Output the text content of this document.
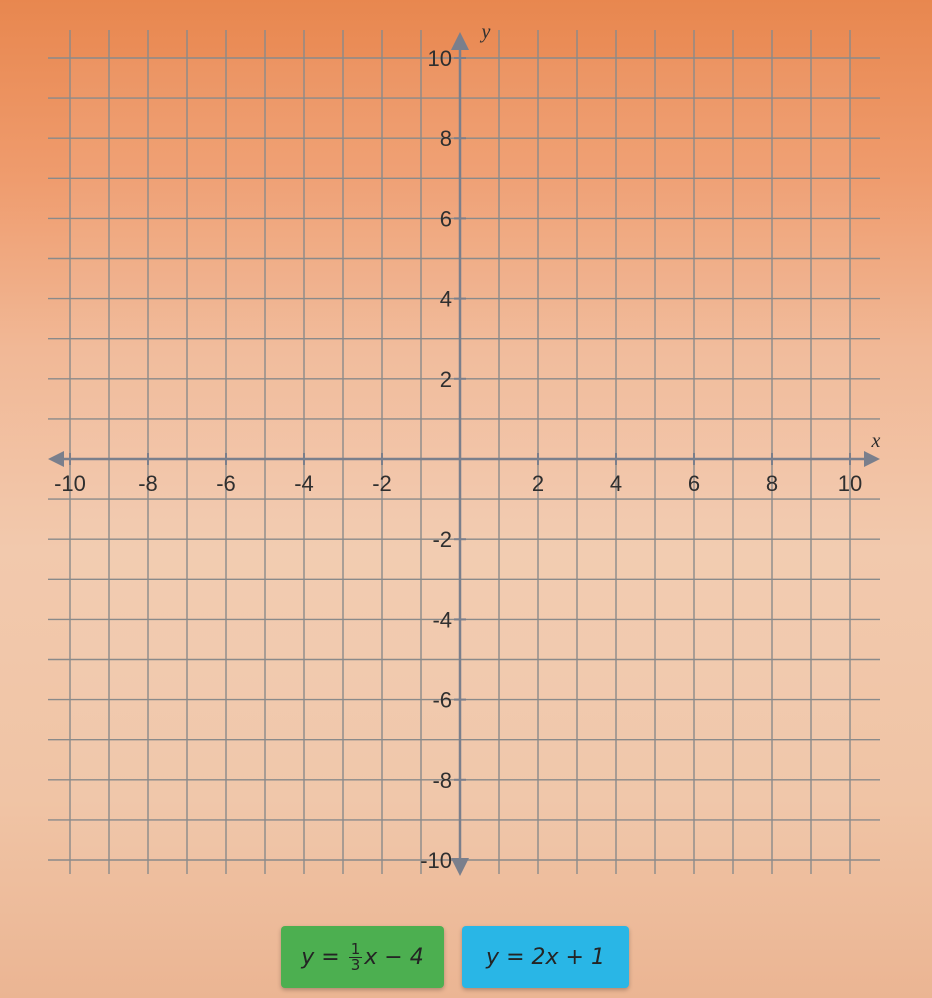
-10 -8	-6	-4	-2	2	4	6	8	10
10
8
6
4
2
-2
-4
-6
-8
-10
x
y
y
=
$\frac{1}{3}$ x − 4	y
=
2x + 1
